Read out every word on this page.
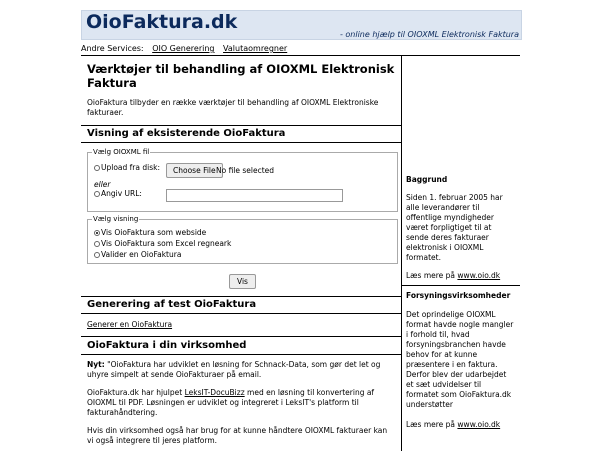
OioFaktura.dk
- online hjælp til OIOXML Elektronisk Faktura
Andre Services: OIO Generering Valutaomregner
Værktøjer til behandling af OIOXML Elektronisk Faktura

OioFaktura tilbyder en række værktøjer til behandling af OIOXML Elektroniske fakturaer.

Visning af eksisterende OioFaktura

Vælg OIOXML fil
Upload fra disk:	Choose File No file selected
eller
Angiv URL:
Vælg visning
Vis OioFaktura som webside
Vis OioFaktura som Excel regneark
Valider en OioFaktura
Vis

Generering af test OioFaktura

Generer en OioFaktura

OioFaktura i din virksomhed

Nyt: "OioFaktura har udviklet en løsning for Schnack-Data, som gør det let og uhyre simpelt at sende OioFakturaer på email.

OioFaktura.dk har hjulpet LeksIT-DocuBizz med en løsning til konvertering af OIOXML til PDF. Løsningen er udviklet og integreret i LeksIT's platform til fakturahåndtering.

Hvis din virksomhed også har brug for at kunne håndtere OIOXML fakturaer kan vi også integrere til jeres platform.

Baggrund

Siden 1. februar 2005 har alle leverandører til offentlige myndigheder været forpligtiget til at sende deres fakturaer elektronisk i OIOXML formatet.

Læs mere på www.oio.dk

Forsyningsvirksomheder

Det oprindelige OIOXML format havde nogle mangler i forhold til, hvad forsyningsbranchen havde behov for at kunne præsentere i en faktura. Derfor blev der udarbejdet et sæt udvidelser til formatet som OioFaktura.dk understøtter

Læs mere på www.oio.dk
